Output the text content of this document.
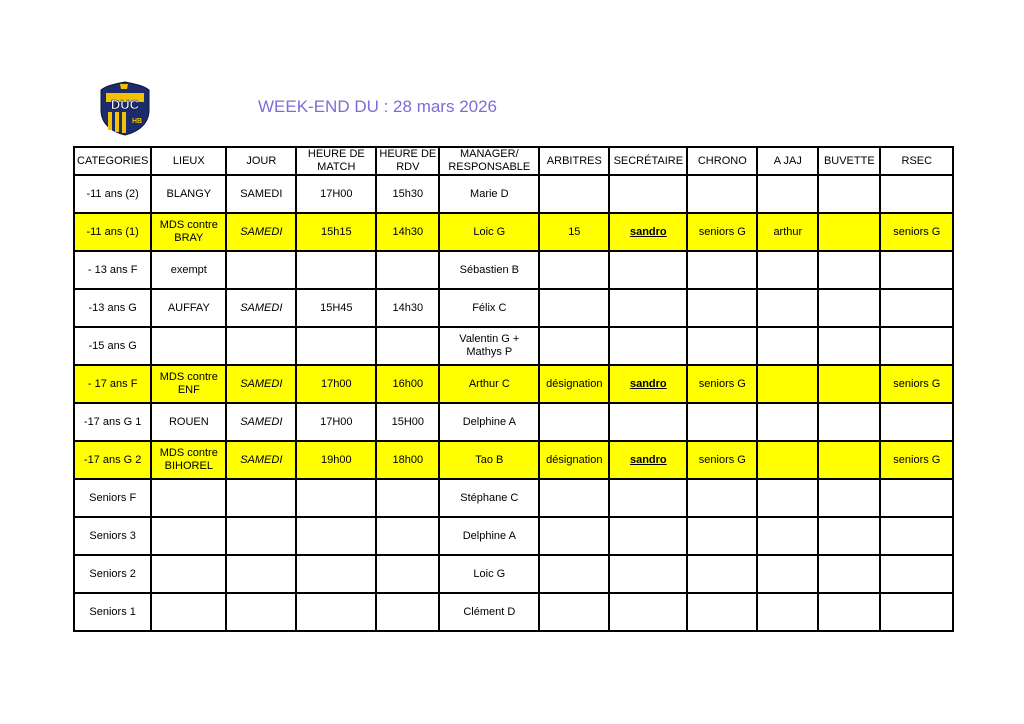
DUC
HB
WEEK-END DU : 28 mars 2026
CATEGORIES	LIEUX	JOUR	HEURE DE MATCH	HEURE DE RDV	MANAGER/ RESPONSABLE	ARBITRES	SECRÉTAIRE	CHRONO	A JAJ	BUVETTE	RSEC
-11 ans (2)	BLANGY	SAMEDI	17H00	15h30	Marie D						
-11 ans (1)	MDS contre BRAY	SAMEDI	15h15	14h30	Loic G	15	sandro	seniors G	arthur		seniors G
- 13 ans F	exempt				Sébastien B						
-13 ans G	AUFFAY	SAMEDI	15H45	14h30	Félix C						
-15 ans G					Valentin G + Mathys P						
- 17 ans F	MDS contre ENF	SAMEDI	17h00	16h00	Arthur C	désignation	sandro	seniors G			seniors G
-17 ans G 1	ROUEN	SAMEDI	17H00	15H00	Delphine A						
-17 ans G 2	MDS contre BIHOREL	SAMEDI	19h00	18h00	Tao B	désignation	sandro	seniors G			seniors G
Seniors F					Stéphane C						
Seniors 3					Delphine A						
Seniors 2					Loic G						
Seniors 1					Clément D						
